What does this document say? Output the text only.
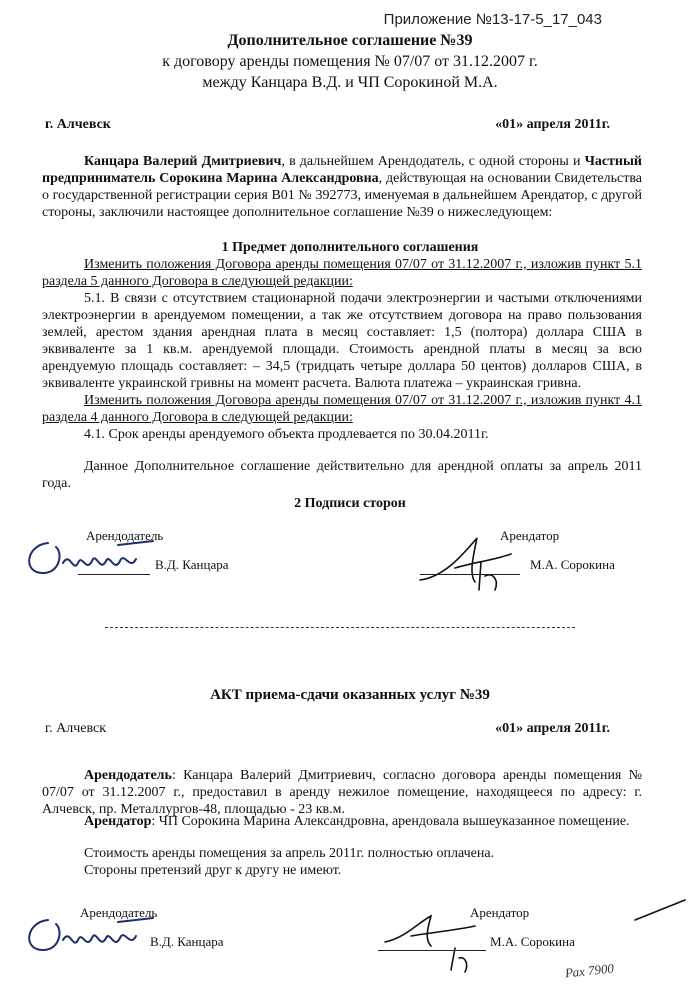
Приложение №13-17-5_17_043
Дополнительное соглашение №39
к договору аренды помещения № 07/07 от 31.12.2007 г.
между Канцара В.Д. и ЧП Сорокиной М.А.
г. Алчевск	«01» апреля 2011г.
Канцара Валерий Дмитриевич, в дальнейшем Арендодатель, с одной стороны и Частный предприниматель Сорокина Марина Александровна, действующая на основании Свидетельства о государственной регистрации серия В01 № 392773, именуемая в дальнейшем Арендатор, с другой стороны, заключили настоящее дополнительное соглашение №39 о нижеследующем:
1 Предмет дополнительного соглашения
Изменить положения Договора аренды помещения 07/07 от 31.12.2007 г., изложив пункт 5.1 раздела 5 данного Договора в следующей редакции:
5.1. В связи с отсутствием стационарной подачи электроэнергии и частыми отключениями электроэнергии в арендуемом помещении, а так же отсутствием договора на право пользования землей, арестом здания арендная плата в месяц составляет: 1,5 (полтора) доллара США в эквиваленте за 1 кв.м. арендуемой площади. Стоимость арендной платы в месяц за всю арендуемую площадь составляет: – 34,5 (тридцать четыре доллара 50 центов) долларов США, в эквиваленте украинской гривны на момент расчета. Валюта платежа – украинская гривна.
Изменить положения Договора аренды помещения 07/07 от 31.12.2007 г., изложив пункт 4.1 раздела 4 данного Договора в следующей редакции:
4.1. Срок аренды арендуемого объекта продлевается по 30.04.2011г.
Данное Дополнительное соглашение действительно для арендной оплаты за апрель 2011 года.
2 Подписи сторон
Арендодатель
В.Д. Канцара
Арендатор
М.А. Сорокина
АКТ приема-сдачи оказанных услуг №39
г. Алчевск	«01» апреля 2011г.
Арендодатель: Канцара Валерий Дмитриевич, согласно договора аренды помещения № 07/07 от 31.12.2007 г., предоставил в аренду нежилое помещение, находящееся по адресу: г. Алчевск, пр. Металлургов-48, площадью - 23 кв.м.
Арендатор: ЧП Сорокина Марина Александровна, арендовала вышеуказанное помещение.
Стоимость аренды помещения за апрель 2011г. полностью оплачена.
Стороны претензий друг к другу не имеют.
Арендодатель
В.Д. Канцара
Арендатор
М.А. Сорокина
Рах 7900
